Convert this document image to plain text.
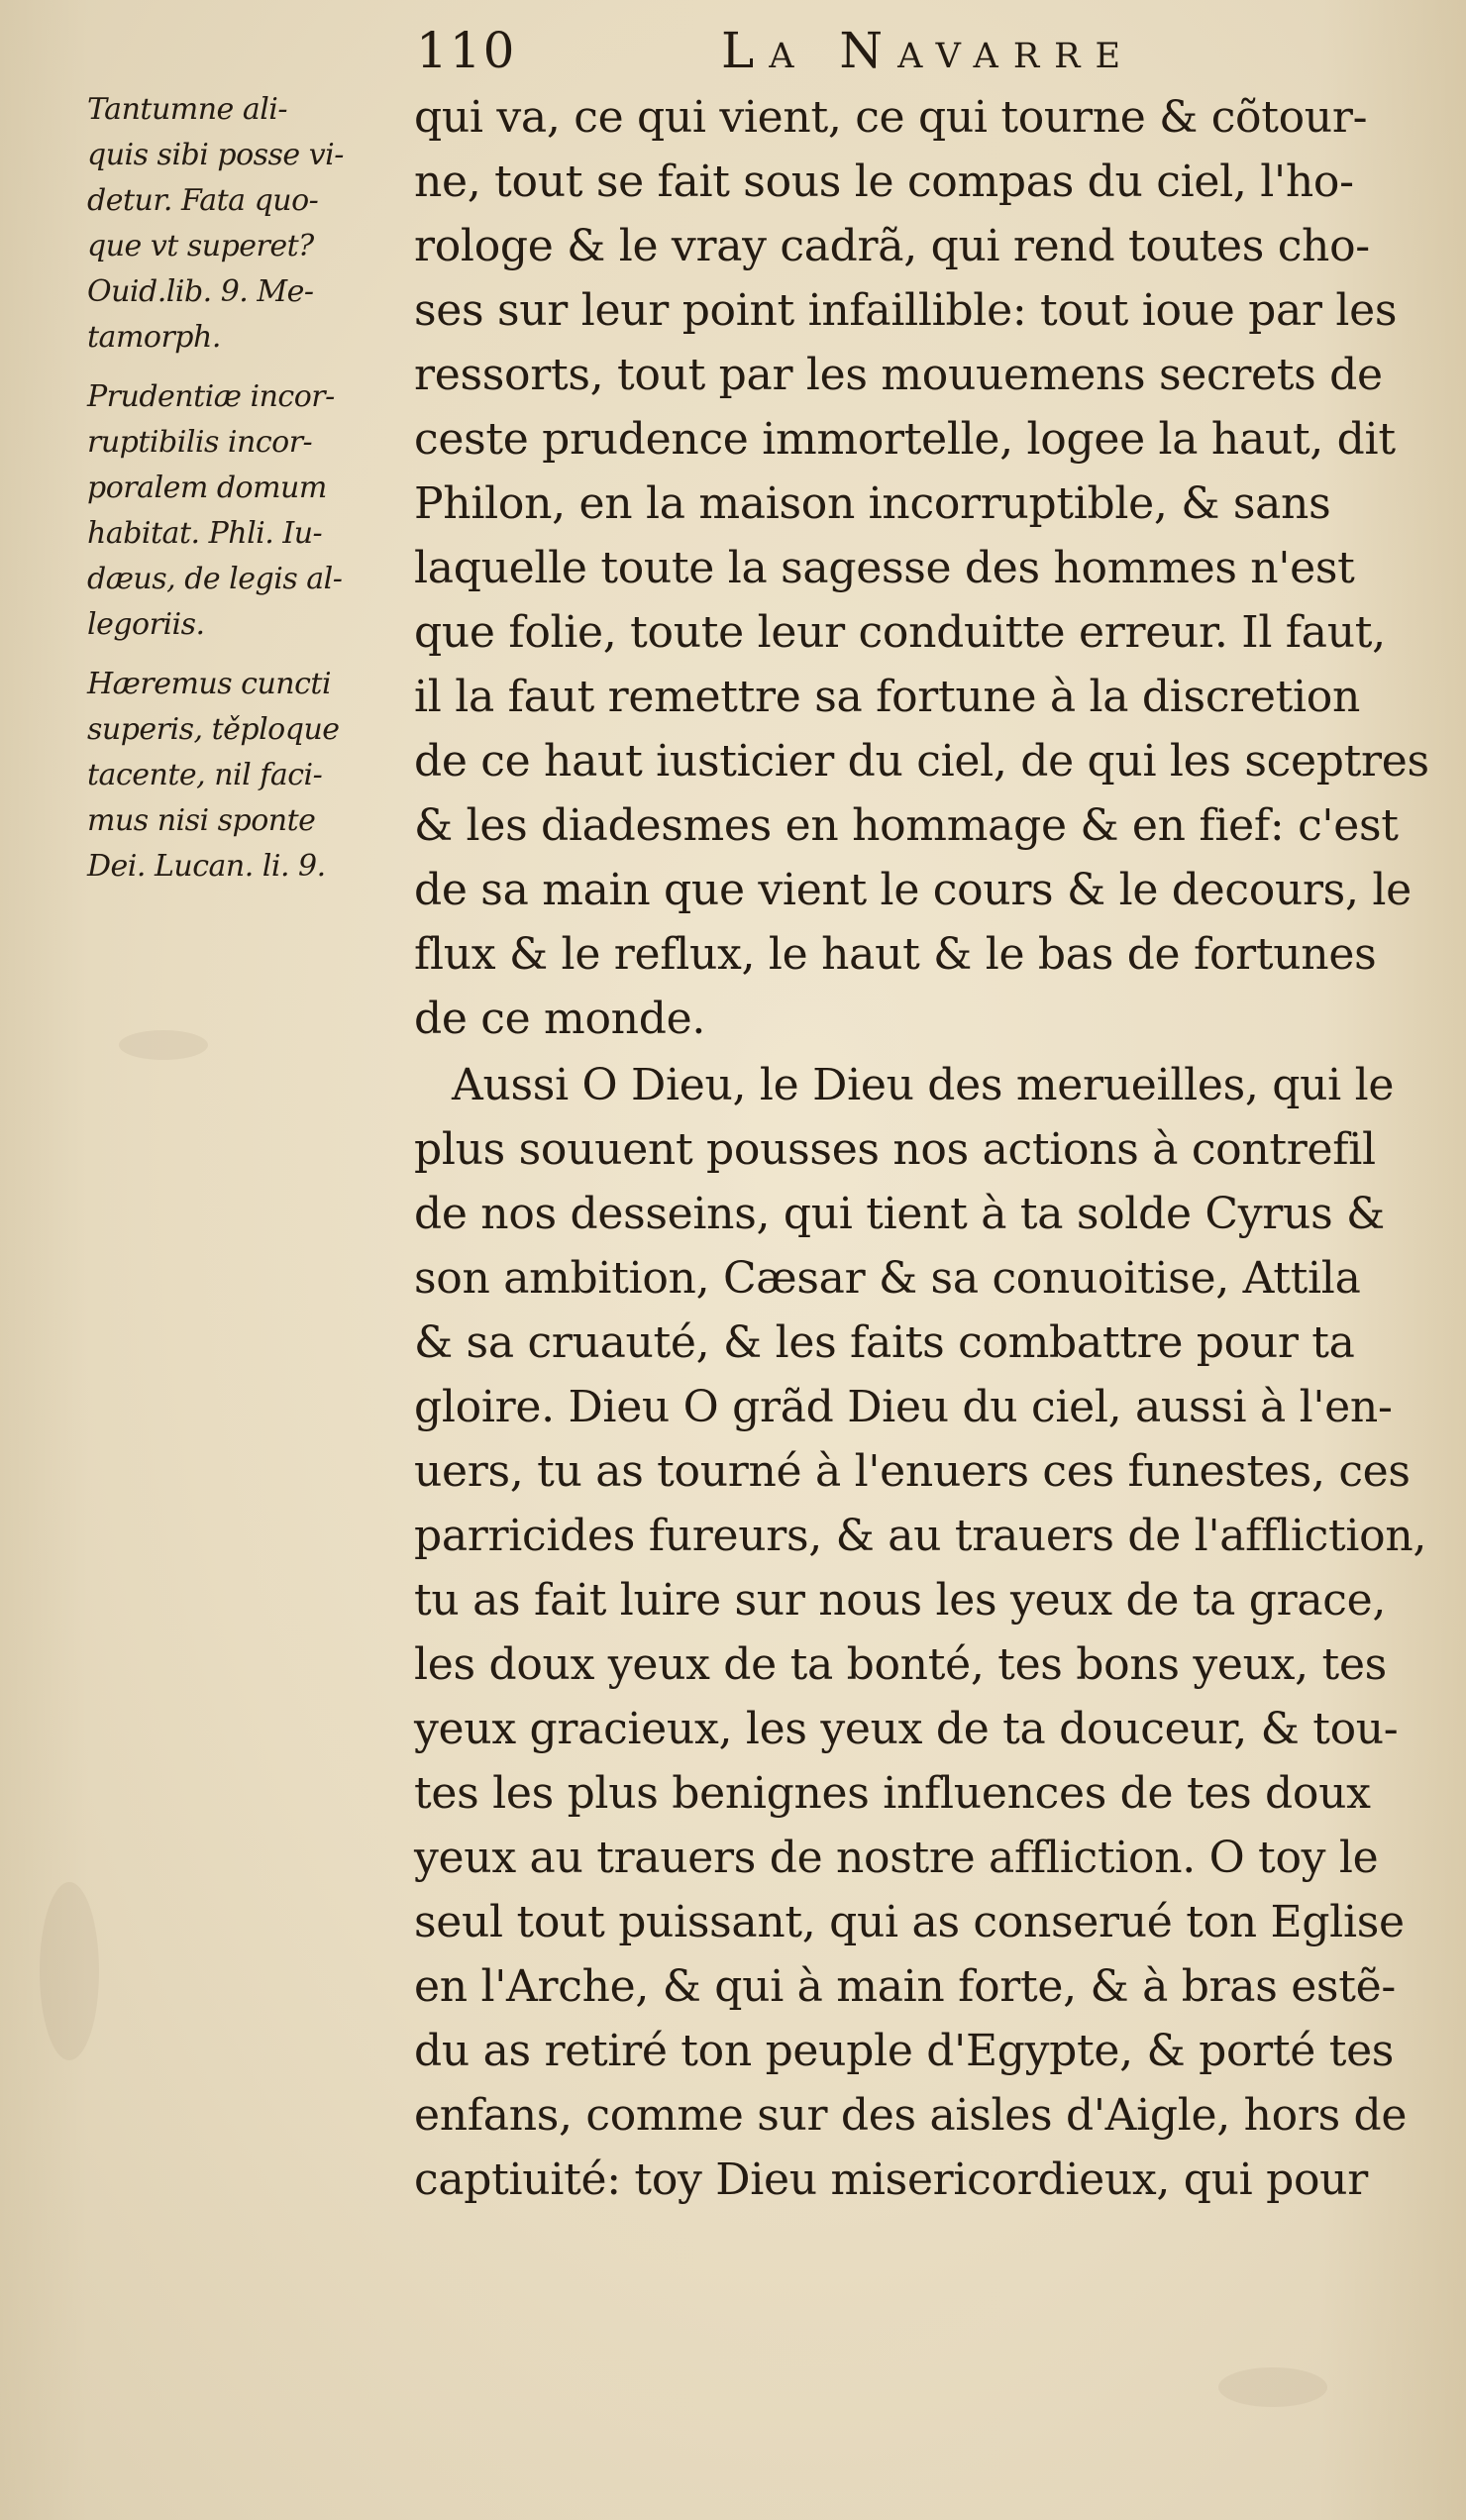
110	La Navarre
Tantumne ali-
quis sibi posse vi-
detur. Fata quo-
que vt superet?
Ouid.lib. 9. Me-
tamorph.
Prudentiæ incor-
ruptibilis incor-
poralem domum
habitat. Phli. Iu-
dæus, de legis al-
legoriis.
Hæremus cuncti
superis, těploque
tacente, nil faci-
mus nisi sponte
Dei. Lucan. li. 9.
qui va, ce qui vient, ce qui tourne & cõtour-
ne, tout se fait sous le compas du ciel, l'ho-
rologe & le vray cadrã, qui rend toutes cho-
ses sur leur point infaillible: tout ioue par les
ressorts, tout par les mouuemens secrets de
ceste prudence immortelle, logee la haut, dit
Philon, en la maison incorruptible, & sans
laquelle toute la sagesse des hommes n'est
que folie, toute leur conduitte erreur. Il faut,
il la faut remettre sa fortune à la discretion
de ce haut iusticier du ciel, de qui les sceptres
& les diadesmes en hommage & en fief: c'est
de sa main que vient le cours & le decours, le
flux & le reflux, le haut & le bas de fortunes
de ce monde.
Aussi O Dieu, le Dieu des merueilles, qui le
plus souuent pousses nos actions à contrefil
de nos desseins, qui tient à ta solde Cyrus &
son ambition, Cæsar & sa conuoitise, Attila
& sa cruauté, & les faits combattre pour ta
gloire. Dieu O grãd Dieu du ciel, aussi à l'en-
uers, tu as tourné à l'enuers ces funestes, ces
parricides fureurs, & au trauers de l'affliction,
tu as fait luire sur nous les yeux de ta grace,
les doux yeux de ta bonté, tes bons yeux, tes
yeux gracieux, les yeux de ta douceur, & tou-
tes les plus benignes influences de tes doux
yeux au trauers de nostre affliction. O toy le
seul tout puissant, qui as conserué ton Eglise
en l'Arche, & qui à main forte, & à bras estẽ-
du as retiré ton peuple d'Egypte, & porté tes
enfans, comme sur des aisles d'Aigle, hors de
captiuité: toy Dieu misericordieux, qui pour
